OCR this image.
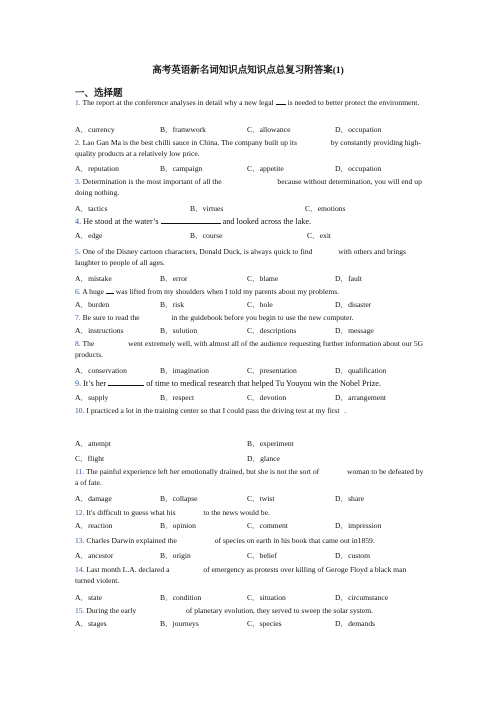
高考英语新名词知识点知识点总复习附答案(1)
一、选择题
1. The report at the conference analyses in detail why a new legal is needed to better protect the environment.
A．currency	B．framework	C．allowance	D．occupation
2. Lao Gan Ma is the best chilli sauce in China. The company built up its	by constantly providing high-quality products at a relatively low price.
A．reputation	B．campaign	C．appetite	D．occupation
3. Determination is the most important of all the	because without determination, you will end up doing nothing.
A．tactics	B．virtues	C．emotions
4. He stood at the water’s	and looked across the lake.
A．edge	B．course	C．exit
5. One of the Disney cartoon characters, Donald Duck, is always quick to find	with others and brings laughter to people of all ages.
A．mistake	B．error	C．blame	D．fault
6. A huge was lifted from my shoulders when I told my parents about my problems.
A．burden	B．risk	C．hole	D．disaster
7. Be sure to read the	in the guidebook before you begin to use the new computer.
A．instructions	B．solution	C．descriptions	D．message
8. The	went extremely well, with almost all of the audience requesting further information about our 5G products.
A．conservation	B．imagination	C．presentation	D．qualification
9. It’s her	of time to medical research that helped Tu Youyou win the Nobel Prize.
A．supply	B．respect	C．devotion	D．arrangement
10. I practiced a lot in the training center so that I could pass the driving test at my first .
A．attempt	B．experiment
C．flight	D．glance
11. The painful experience left her emotionally drained, but she is not the sort of	woman to be defeated by a of fate.
A．damage	B．collapse	C．twist	D．share
12. It's difficult to guess what his	to the news would be.
A．reaction	B．opinion	C．comment	D．impression
13. Charles Darwin explained the	of species on earth in his book that came out in1859.
A．ancestor	B．origin	C．belief	D．custom
14. Last month L.A. declared a	of emergency as protests over killing of Geroge Floyd a black man turned violent.
A．state	B．condition	C．situation	D．circumstance
15. During the early	of planetary evolution, they served to sweep the solar system.
A．stages	B．journeys	C．species	D．demands
